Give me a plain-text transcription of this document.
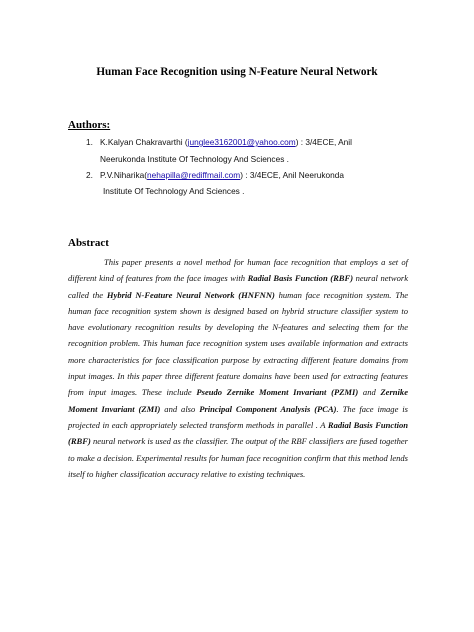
Human Face Recognition using N-Feature Neural Network
Authors:
1. K.Kalyan Chakravarthi (junglee3162001@yahoo.com) : 3/4ECE, Anil
Neerukonda Institute Of Technology And Sciences .
2. P.V.Niharika(nehapilla@rediffmail.com) : 3/4ECE, Anil Neerukonda
Institute Of Technology And Sciences .
Abstract
This paper presents a novel method for human face recognition that employs a set of different kind of features from the face images with Radial Basis Function (RBF) neural network called the Hybrid N-Feature Neural Network (HNFNN) human face recognition system. The human face recognition system shown is designed based on hybrid structure classifier system to have evolutionary recognition results by developing the N-features and selecting them for the recognition problem. This human face recognition system uses available information and extracts more characteristics for face classification purpose by extracting different feature domains from input images. In this paper three different feature domains have been used for extracting features from input images. These include Pseudo Zernike Moment Invariant (PZMI) and Zernike Moment Invariant (ZMI) and also Principal Component Analysis (PCA). The face image is projected in each appropriately selected transform methods in parallel . A Radial Basis Function (RBF) neural network is used as the classifier. The output of the RBF classifiers are fused together to make a decision. Experimental results for human face recognition confirm that this method lends itself to higher classification accuracy relative to existing techniques.
